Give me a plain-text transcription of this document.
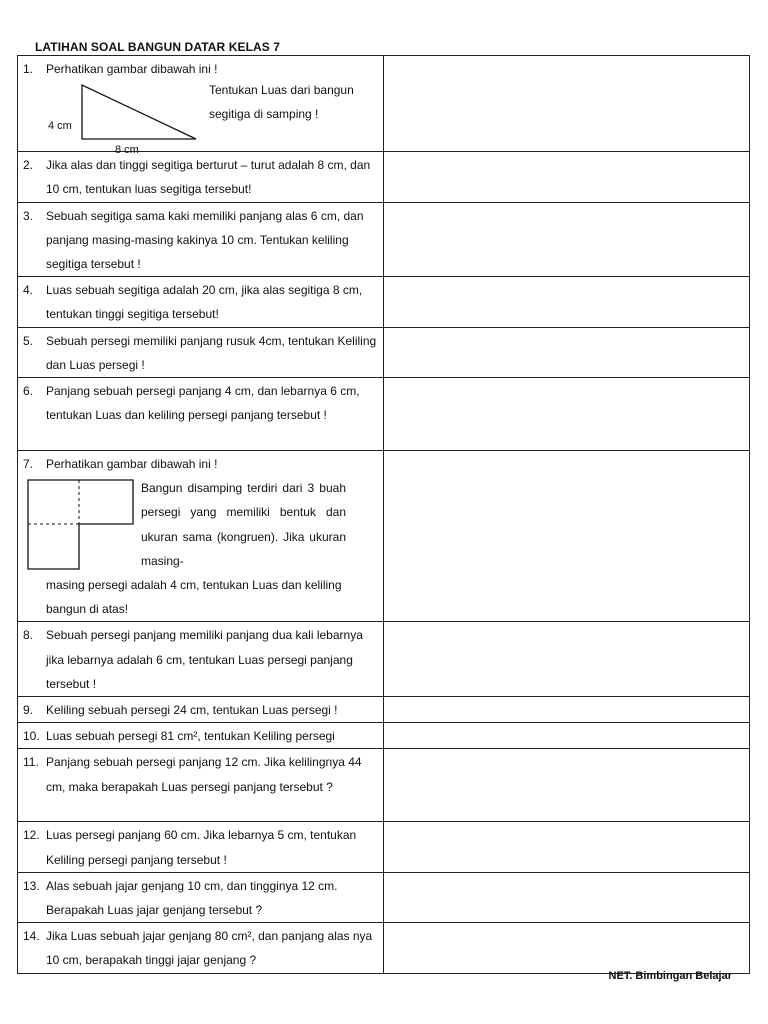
LATIHAN SOAL BANGUN DATAR KELAS 7
1. Perhatikan gambar dibawah ini !
4 cm
8 cm
Tentukan Luas dari bangun segitiga di samping !	

2. Jika alas dan tinggi segitiga berturut – turut adalah 8 cm, dan 10 cm, tentukan luas segitiga tersebut!	

3. Sebuah segitiga sama kaki memiliki panjang alas 6 cm, dan panjang masing-masing kakinya 10 cm. Tentukan keliling segitiga tersebut !	

4. Luas sebuah segitiga adalah 20 cm, jika alas segitiga 8 cm, tentukan tinggi segitiga tersebut!	

5. Sebuah persegi memiliki panjang rusuk 4cm, tentukan Keliling dan Luas persegi !	

6. Panjang sebuah persegi panjang 4 cm, dan lebarnya 6 cm, tentukan Luas dan keliling persegi panjang tersebut !	

7. Perhatikan gambar dibawah ini !
Bangun disamping terdiri dari 3 buah persegi yang memiliki bentuk dan ukuran sama (kongruen). Jika ukuran masing-
masing persegi adalah 4 cm, tentukan Luas dan keliling bangun di atas!	

8. Sebuah persegi panjang memiliki panjang dua kali lebarnya jika lebarnya adalah 6 cm, tentukan Luas persegi panjang tersebut !	

9. Keliling sebuah persegi 24 cm, tentukan Luas persegi !	

10. Luas sebuah persegi 81 cm², tentukan Keliling persegi	

11. Panjang sebuah persegi panjang 12 cm. Jika kelilingnya 44 cm, maka berapakah Luas persegi panjang tersebut ?	

12. Luas persegi panjang 60 cm. Jika lebarnya 5 cm, tentukan Keliling persegi panjang tersebut !	

13. Alas sebuah jajar genjang 10 cm, dan tingginya 12 cm. Berapakah Luas jajar genjang tersebut ?	

14. Jika Luas sebuah jajar genjang 80 cm², dan panjang alas nya 10 cm, berapakah tinggi jajar genjang ?	

NET. Bimbingan Belajar
